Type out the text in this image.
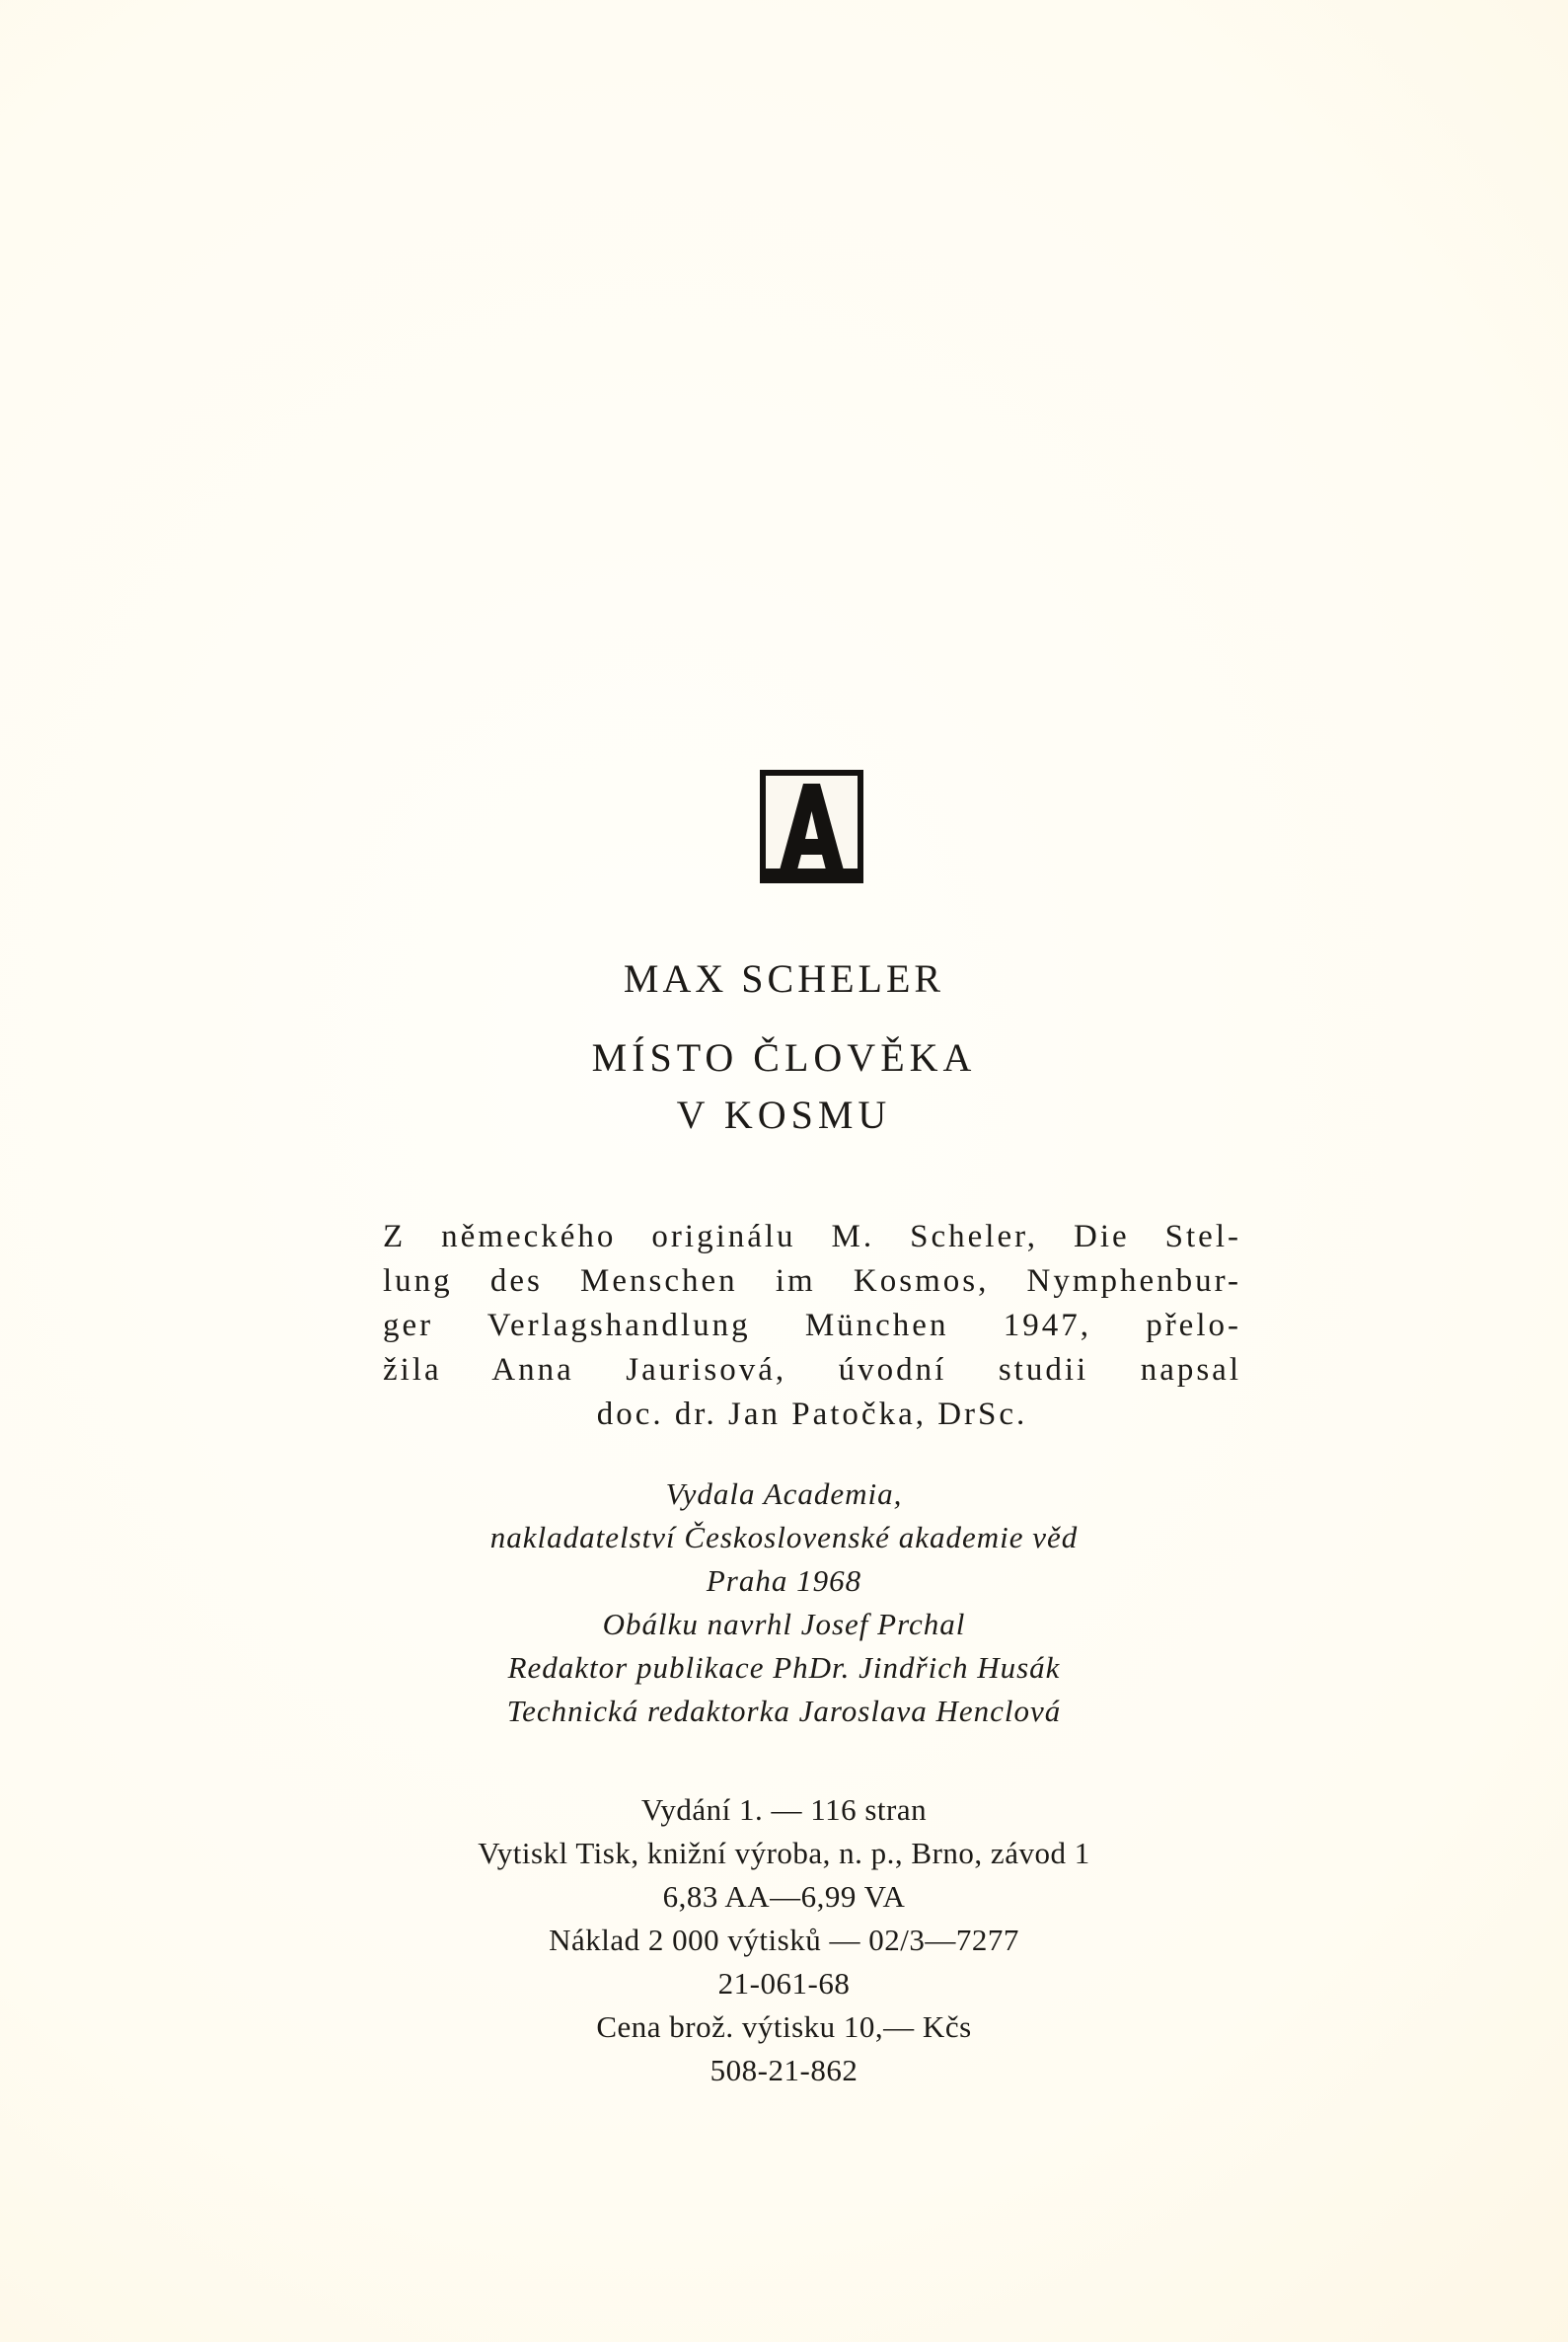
MAX SCHELER
MÍSTO ČLOVĚKA
V KOSMU
Z německého originálu M. Scheler, Die Stel-
lung des Menschen im Kosmos, Nymphenbur-
ger Verlagshandlung München 1947, přelo-
žila Anna Jaurisová, úvodní studii napsal
doc. dr. Jan Patočka, DrSc.
Vydala Academia,
nakladatelství Československé akademie věd
Praha 1968
Obálku navrhl Josef Prchal
Redaktor publikace PhDr. Jindřich Husák
Technická redaktorka Jaroslava Henclová
Vydání 1. — 116 stran
Vytiskl Tisk, knižní výroba, n. p., Brno, závod 1
6,83 AA—6,99 VA
Náklad 2 000 výtisků — 02/3—7277
21-061-68
Cena brož. výtisku 10,— Kčs
508-21-862
